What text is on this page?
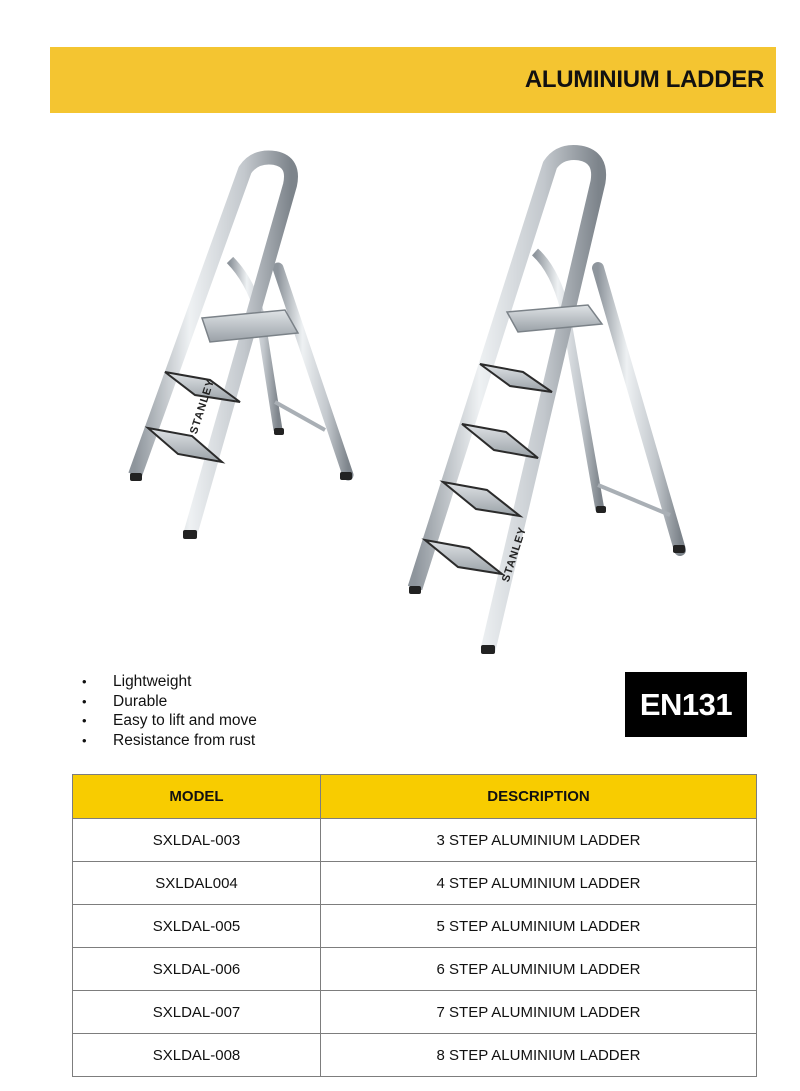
ALUMINIUM LADDER
STANLEY
STANLEY
• Lightweight
• Durable
• Easy to lift and move
• Resistance from rust
EN131
MODEL	DESCRIPTION
SXLDAL-003	3 STEP ALUMINIUM LADDER
SXLDAL004	4 STEP ALUMINIUM LADDER
SXLDAL-005	5 STEP ALUMINIUM LADDER
SXLDAL-006	6 STEP ALUMINIUM LADDER
SXLDAL-007	7 STEP ALUMINIUM LADDER
SXLDAL-008	8 STEP ALUMINIUM LADDER
